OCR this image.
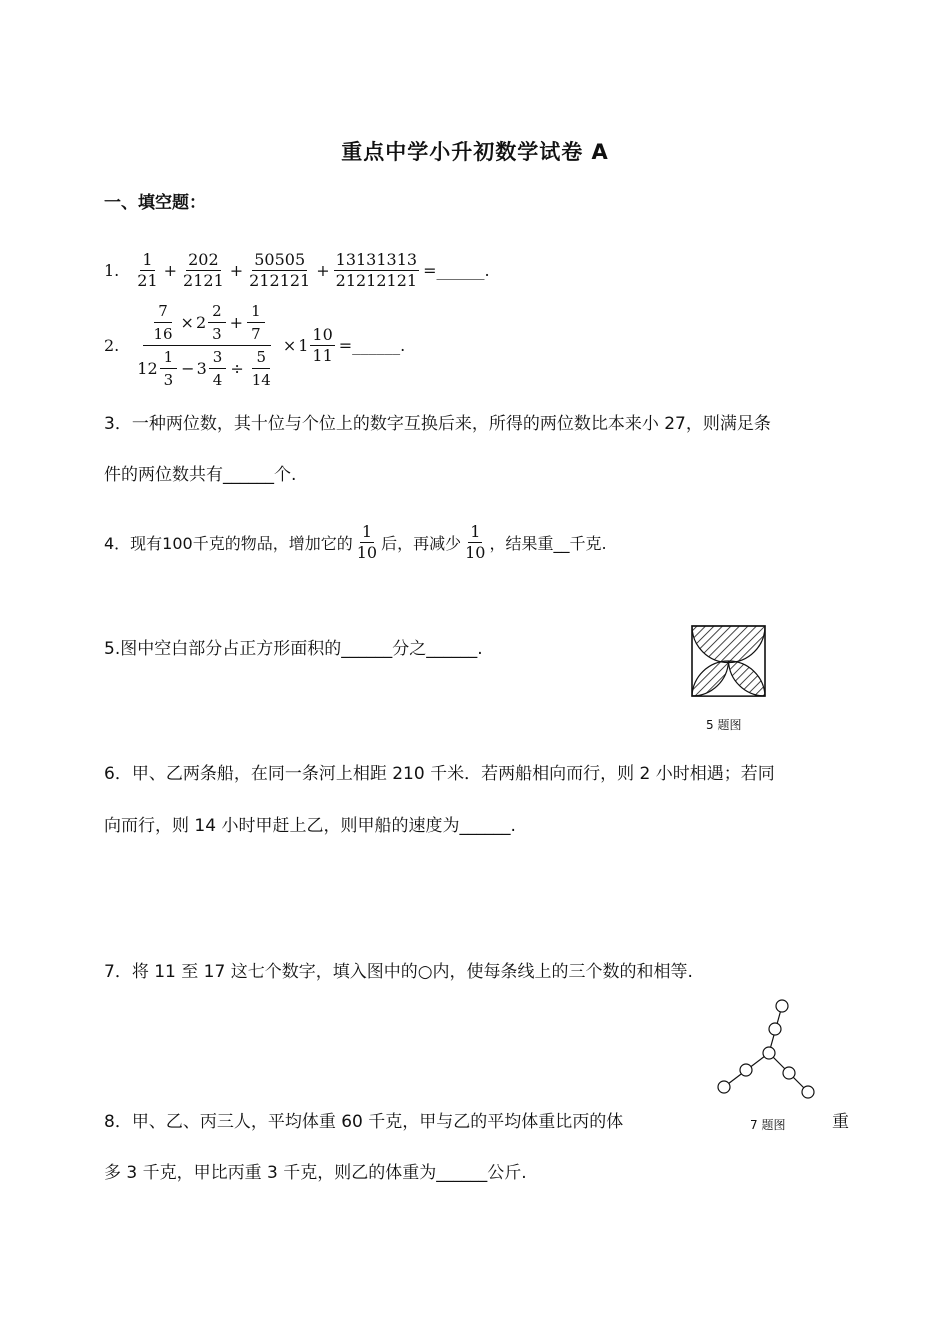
重点中学小升初数学试卷 A
一、填空题：
1. $\frac{1}{21} + \frac{202}{2121} + \frac{50505}{212121} + \frac{13131313}{21212121}$ =______.
2. $\frac{\frac{7}{16} \times 2 \frac{2}{3} + \frac{1}{7}}{12 \frac{1}{3} - 3 \frac{3}{4} \div \frac{5}{14}} \times 1 \frac{10}{11}$ =______.
3．一种两位数，其十位与个位上的数字互换后来，所得的两位数比本来小 27，则满足条
件的两位数共有______个.
4．现有100千克的物品，增加它的 $\frac{1}{10}$ 后，再减少 $\frac{1}{10}$ ，结果重__千克.
5.图中空白部分占正方形面积的______分之______.
5 题图
6．甲、乙两条船，在同一条河上相距 210 千米．若两船相向而行，则 2 小时相遇；若同
向而行，则 14 小时甲赶上乙，则甲船的速度为______.
7．将 11 至 17 这七个数字，填入图中的○内，使每条线上的三个数的和相等.
8．甲、乙、丙三人，平均体重 60 千克，甲与乙的平均体重比丙的体	7 题图	重
多 3 千克，甲比丙重 3 千克，则乙的体重为______公斤.
